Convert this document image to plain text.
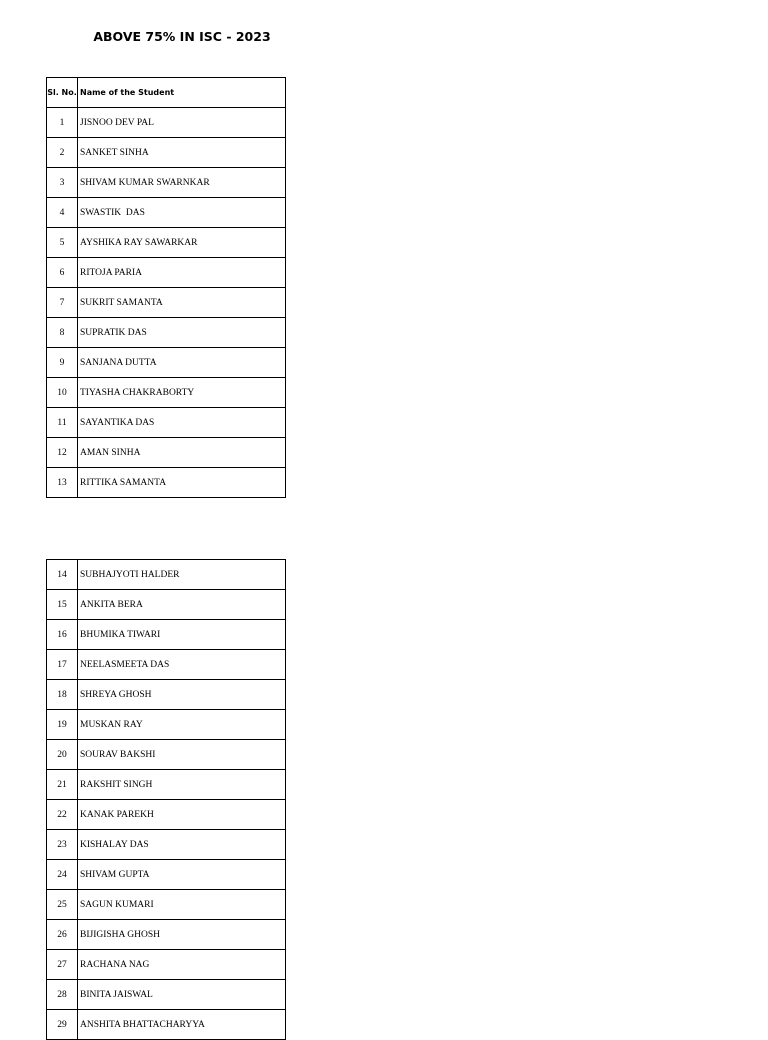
ABOVE 75% IN ISC - 2023
Sl. No.	Name of the Student
1	JISNOO DEV PAL
2	SANKET SINHA
3	SHIVAM KUMAR SWARNKAR
4	SWASTIK  DAS
5	AYSHIKA RAY SAWARKAR
6	RITOJA PARIA
7	SUKRIT SAMANTA
8	SUPRATIK DAS
9	SANJANA DUTTA
10	TIYASHA CHAKRABORTY
11	SAYANTIKA DAS
12	AMAN SINHA
13	RITTIKA SAMANTA
14	SUBHAJYOTI HALDER
15	ANKITA BERA
16	BHUMIKA TIWARI
17	NEELASMEETA DAS
18	SHREYA GHOSH
19	MUSKAN RAY
20	SOURAV BAKSHI
21	RAKSHIT SINGH
22	KANAK PAREKH
23	KISHALAY DAS
24	SHIVAM GUPTA
25	SAGUN KUMARI
26	BIJIGISHA GHOSH
27	RACHANA NAG
28	BINITA JAISWAL
29	ANSHITA BHATTACHARYYA
